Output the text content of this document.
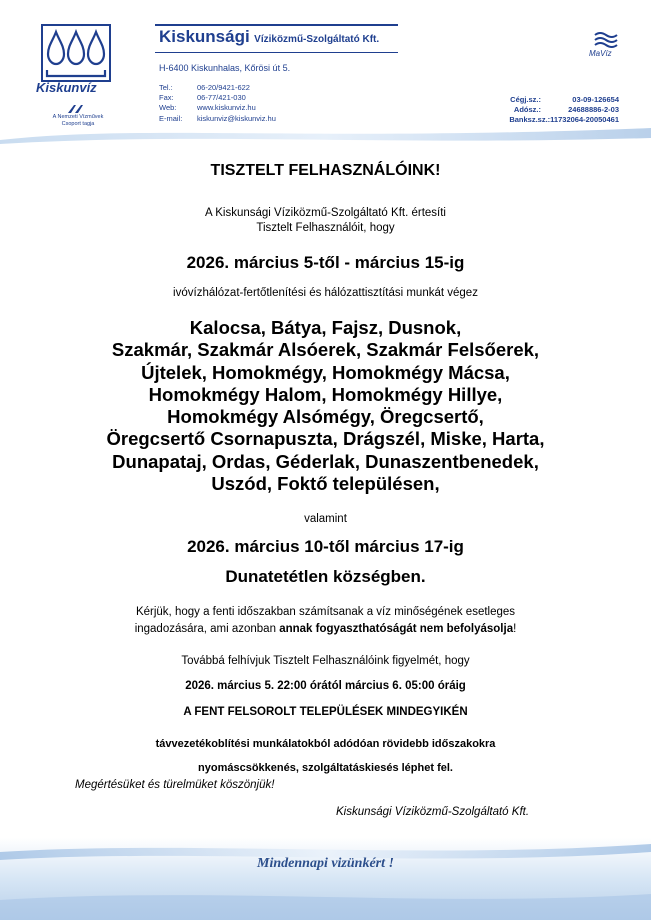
Kiskunvíz
A Nemzeti Vízművek
Csoport tagja
Kiskunsági Víziközmű-Szolgáltató Kft.
H-6400 Kiskunhalas, Kőrösi út 5.
Tel.:	06-20/9421-622
Fax:	06-77/421-030
Web:	www.kiskunviz.hu
E-mail:	kiskunviz@kiskunviz.hu
Cégj.sz.:	03-09-126654
Adósz.:	24688886-2-03
Banksz.sz.: 11732064-20050461
MaVíz
TISZTELT FELHASZNÁLÓINK!
A Kiskunsági Víziközmű-Szolgáltató Kft. értesíti
Tisztelt Felhasználóit, hogy
2026. március 5-től - március 15-ig
ivóvízhálózat-fertőtlenítési és hálózattisztítási munkát végez
Kalocsa, Bátya, Fajsz, Dusnok,
Szakmár, Szakmár Alsóerek, Szakmár Felsőerek,
Újtelek, Homokmégy, Homokmégy Mácsa,
Homokmégy Halom, Homokmégy Hillye,
Homokmégy Alsómégy, Öregcsertő,
Öregcsertő Csornapuszta, Drágszél, Miske, Harta,
Dunapataj, Ordas, Géderlak, Dunaszentbenedek,
Uszód, Foktő településen,
valamint
2026. március 10-től március 17-ig
Dunatetétlen községben.
Kérjük, hogy a fenti időszakban számítsanak a víz minőségének esetleges
ingadozására, ami azonban annak fogyaszthatóságát nem befolyásolja!
Továbbá felhívjuk Tisztelt Felhasználóink figyelmét, hogy
2026. március 5. 22:00 órától március 6. 05:00 óráig
A FENT FELSOROLT TELEPÜLÉSEK MINDEGYIKÉN
távvezetékoblítési munkálatokból adódóan rövidebb időszakokra
nyomáscsökkenés, szolgáltatáskiesés léphet fel.
Megértésüket és türelmüket köszönjük!
Kiskunsági Víziközmű-Szolgáltató Kft.
Mindennapi vizünkért !
